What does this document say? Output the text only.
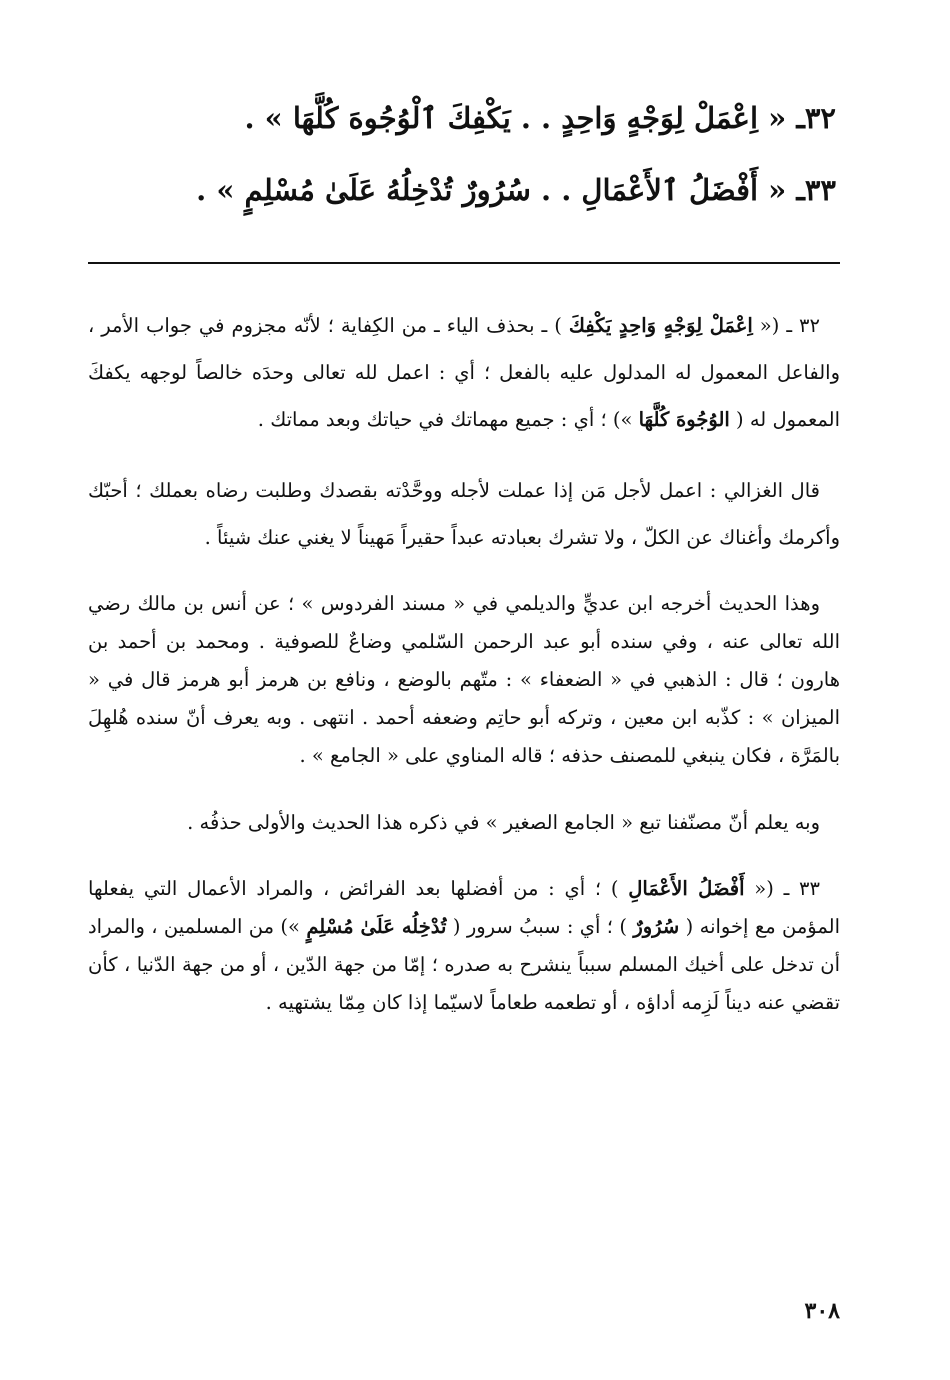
٣٢ـ « اِعْمَلْ لِوَجْهٍ وَاحِدٍ . . يَكْفِكَ ٱلْوُجُوهَ كُلَّهَا » .
٣٣ـ « أَفْضَلُ ٱلأَعْمَالِ . . سُرُورٌ تُدْخِلُهُ عَلَىٰ مُسْلِمٍ » .

٣٢ ـ (« اِعْمَلْ لِوَجْهٍ وَاحِدٍ يَكْفِكَ ) ـ بحذف الياء ـ من الكِفاية ؛ لأنّه مجزوم في جواب الأمر ، والفاعل المعمول له المدلول عليه بالفعل ؛ أي : اعمل لله تعالى وحدَه خالصاً لوجهه يكفكَ المعمول له ( الوُجُوهَ كُلَّهَا ») ؛ أي : جميع مهماتك في حياتك وبعد مماتك .

قال الغزالي : اعمل لأجل مَن إذا عملت لأجله ووحَّدْته بقصدك وطلبت رضاه بعملك ؛ أحبّك وأكرمك وأغناك عن الكلّ ، ولا تشرك بعبادته عبداً حقيراً مَهيناً لا يغني عنك شيئاً .

وهذا الحديث أخرجه ابن عديٍّ والديلمي في « مسند الفردوس » ؛ عن أنس بن مالك رضي الله تعالى عنه ، وفي سنده أبو عبد الرحمن السّلمي وضاعٌ للصوفية . ومحمد بن أحمد بن هارون ؛ قال : الذهبي في « الضعفاء » : متّهم بالوضع ، ونافع بن هرمز أبو هرمز قال في « الميزان » : كذّبه ابن معين ، وتركه أبو حاتِم وضعفه أحمد . انتهى . وبه يعرف أنّ سنده هُلهِلَ بالمَرَّة ، فكان ينبغي للمصنف حذفه ؛ قاله المناوي على « الجامع » .

وبه يعلم أنّ مصنّفنا تبع « الجامع الصغير » في ذكره هذا الحديث والأولى حذفُه .

٣٣ ـ (« أَفْضَلُ الأَعْمَالِ ) ؛ أي : من أفضلها بعد الفرائض ، والمراد الأعمال التي يفعلها المؤمن مع إخوانه ( سُرُورٌ ) ؛ أي : سببُ سرور ( تُدْخِلُه عَلَىٰ مُسْلِمٍ ») من المسلمين ، والمراد أن تدخل على أخيك المسلم سبباً ينشرح به صدره ؛ إمّا من جهة الدّين ، أو من جهة الدّنيا ، كأن تقضي عنه ديناً لَزِمه أداؤه ، أو تطعمه طعاماً لاسيّما إذا كان مِمّا يشتهيه .

٣٠٨
